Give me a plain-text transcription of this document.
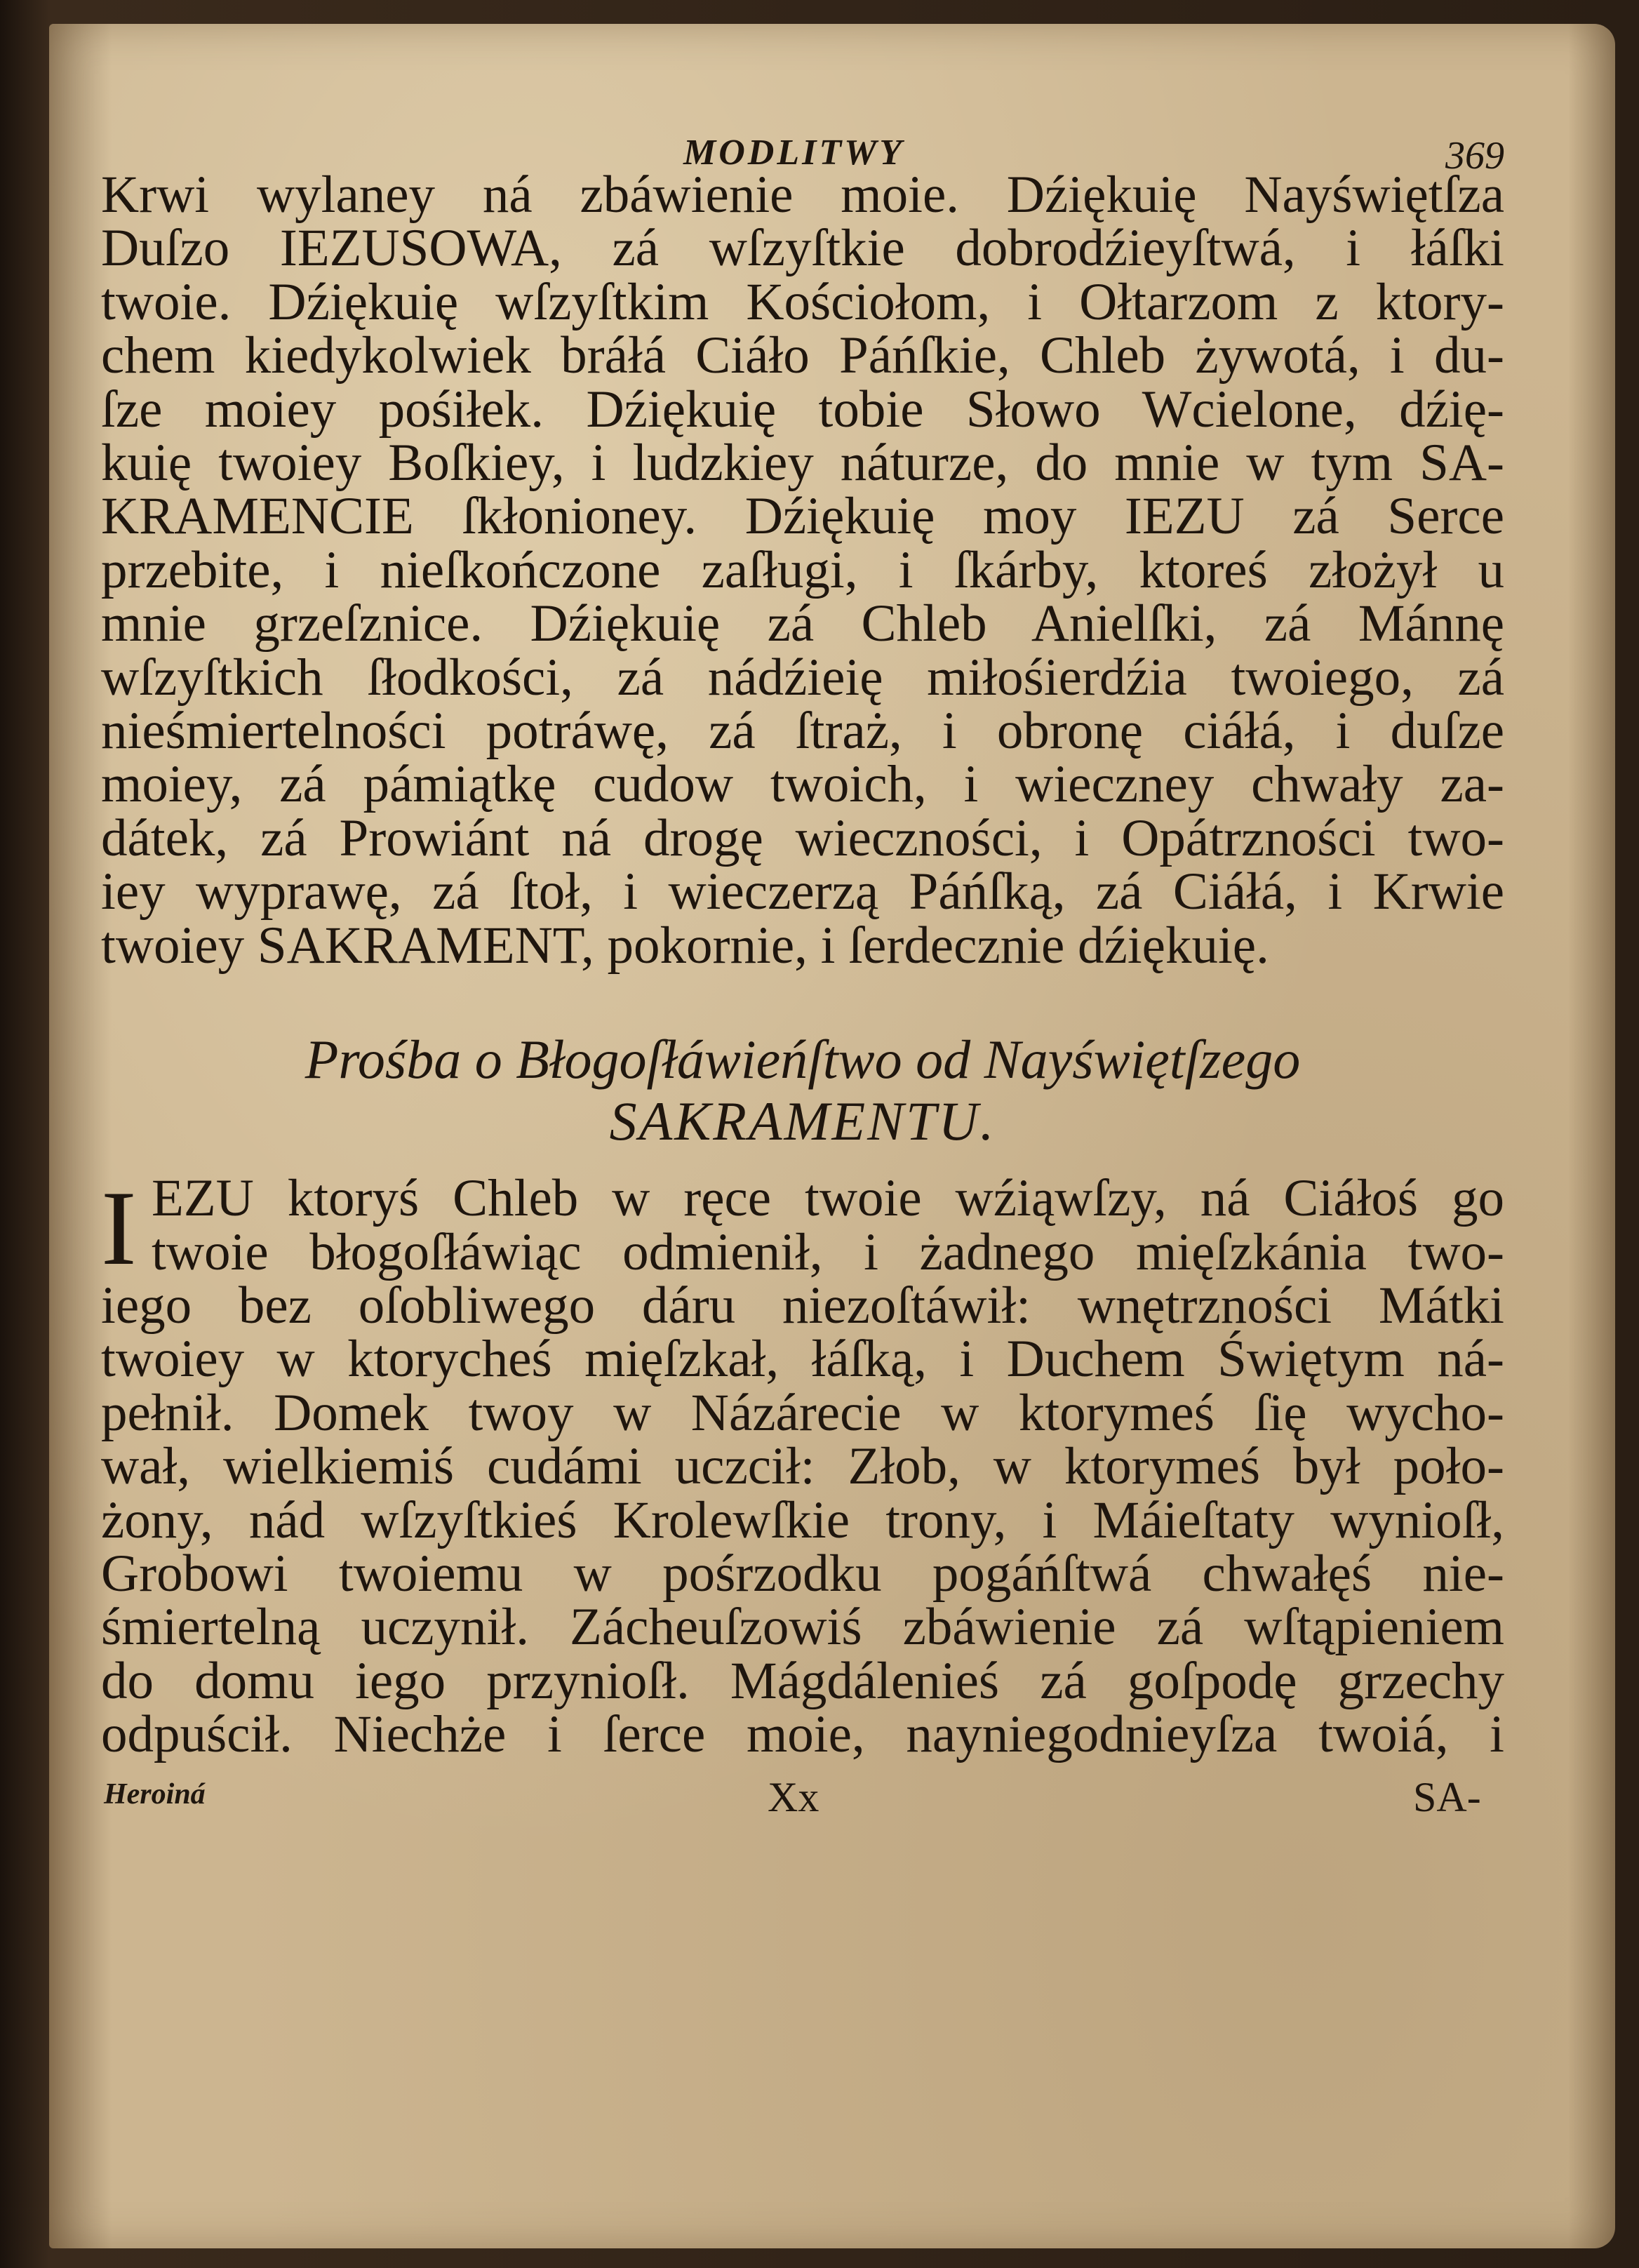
MODLITWY	369
Krwi wylaney ná zbáwienie moie. Dźiękuię Nayświętſza
Duſzo IEZUSOWA, zá wſzyſtkie dobrodźieyſtwá, i łáſki
twoie. Dźiękuię wſzyſtkim Kościołom, i Ołtarzom z ktory-
chem kiedykolwiek bráłá Ciáło Páńſkie, Chleb żywotá, i du-
ſze moiey pośiłek. Dźiękuię tobie Słowo Wcielone, dźię-
kuię twoiey Boſkiey, i ludzkiey náturze, do mnie w tym SA-
KRAMENCIE ſkłonioney. Dźiękuię moy IEZU zá Serce
przebite, i nieſkończone zaſługi, i ſkárby, ktoreś złożył u
mnie grzeſznice. Dźiękuię zá Chleb Anielſki, zá Mánnę
wſzyſtkich ſłodkości, zá nádźieię miłośierdźia twoiego, zá
nieśmiertelności potráwę, zá ſtraż, i obronę ciáłá, i duſze
moiey, zá pámiątkę cudow twoich, i wieczney chwały za-
dátek, zá Prowiánt ná drogę wieczności, i Opátrzności two-
iey wyprawę, zá ſtoł, i wieczerzą Páńſką, zá Ciáłá, i Krwie
twoiey SAKRAMENT, pokornie, i ſerdecznie dźiękuię.
Prośba o Błogoſłáwieńſtwo od Nayświętſzego
SAKRAMENTU.
I EZU ktoryś Chleb w ręce twoie wźiąwſzy, ná Ciáłoś go
twoie błogoſłáwiąc odmienił, i żadnego mięſzkánia two-
iego bez oſobliwego dáru niezoſtáwił: wnętrzności Mátki
twoiey w ktorycheś mięſzkał, łáſką, i Duchem Świętym ná-
pełnił. Domek twoy w Názárecie w ktorymeś ſię wycho-
wał, wielkiemiś cudámi uczcił: Złob, w ktorymeś był poło-
żony, nád wſzyſtkieś Krolewſkie trony, i Máieſtaty wynioſł,
Grobowi twoiemu w pośrzodku pogáńſtwá chwałęś nie-
śmiertelną uczynił. Zácheuſzowiś zbáwienie zá wſtąpieniem
do domu iego przynioſł. Mágdálenieś zá goſpodę grzechy
odpuścił. Niechże i ſerce moie, nayniegodnieyſza twoiá, i
Heroiná	Xx	SA-
